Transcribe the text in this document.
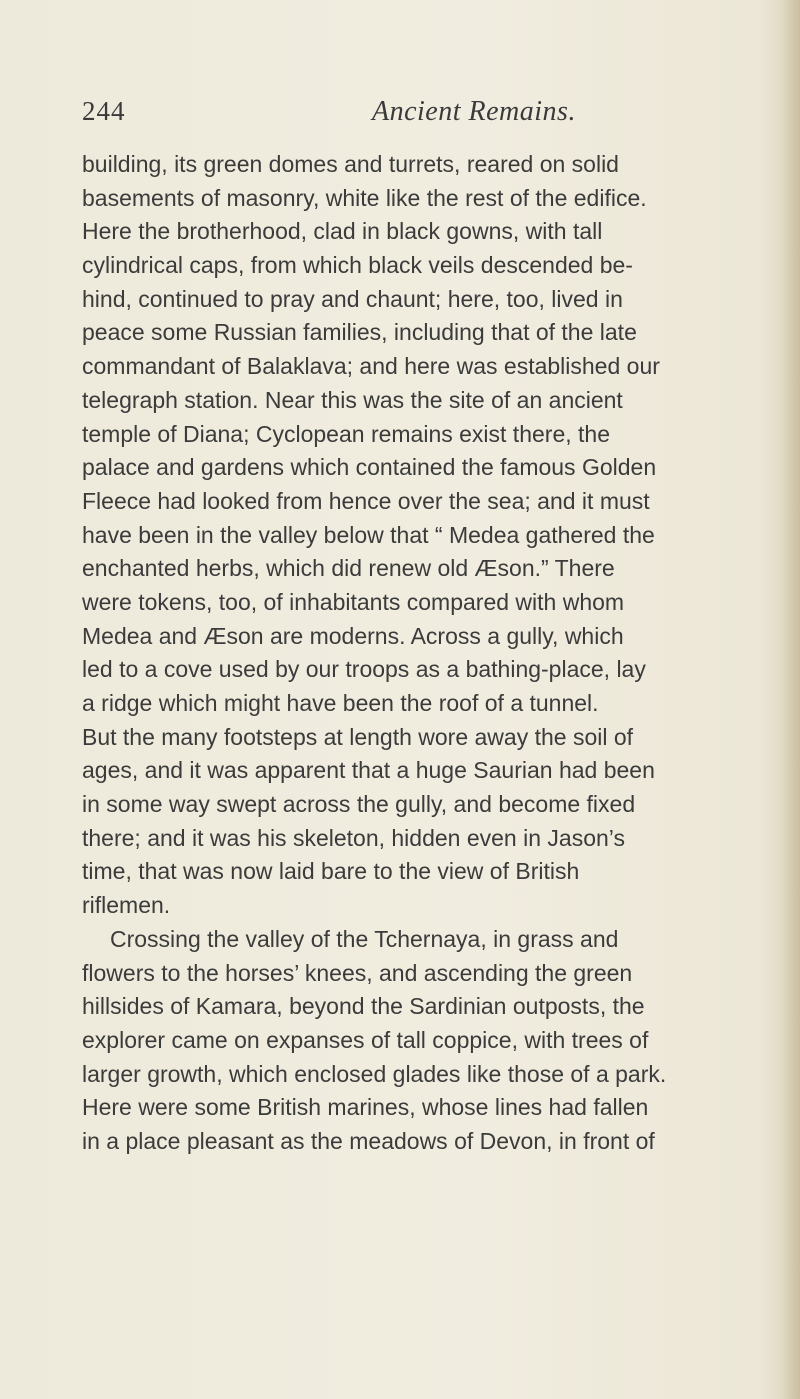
244	Ancient Remains.
building, its green domes and turrets, reared on solid
basements of masonry, white like the rest of the edifice.
Here the brotherhood, clad in black gowns, with tall
cylindrical caps, from which black veils descended be-
hind, continued to pray and chaunt; here, too, lived in
peace some Russian families, including that of the late
commandant of Balaklava; and here was established our
telegraph station. Near this was the site of an ancient
temple of Diana; Cyclopean remains exist there, the
palace and gardens which contained the famous Golden
Fleece had looked from hence over the sea; and it must
have been in the valley below that “ Medea gathered the
enchanted herbs, which did renew old Æson.” There
were tokens, too, of inhabitants compared with whom
Medea and Æson are moderns. Across a gully, which
led to a cove used by our troops as a bathing-place, lay
a ridge which might have been the roof of a tunnel.
But the many footsteps at length wore away the soil of
ages, and it was apparent that a huge Saurian had been
in some way swept across the gully, and become fixed
there; and it was his skeleton, hidden even in Jason’s
time, that was now laid bare to the view of British
riflemen.
Crossing the valley of the Tchernaya, in grass and
flowers to the horses’ knees, and ascending the green
hillsides of Kamara, beyond the Sardinian outposts, the
explorer came on expanses of tall coppice, with trees of
larger growth, which enclosed glades like those of a park.
Here were some British marines, whose lines had fallen
in a place pleasant as the meadows of Devon, in front of
